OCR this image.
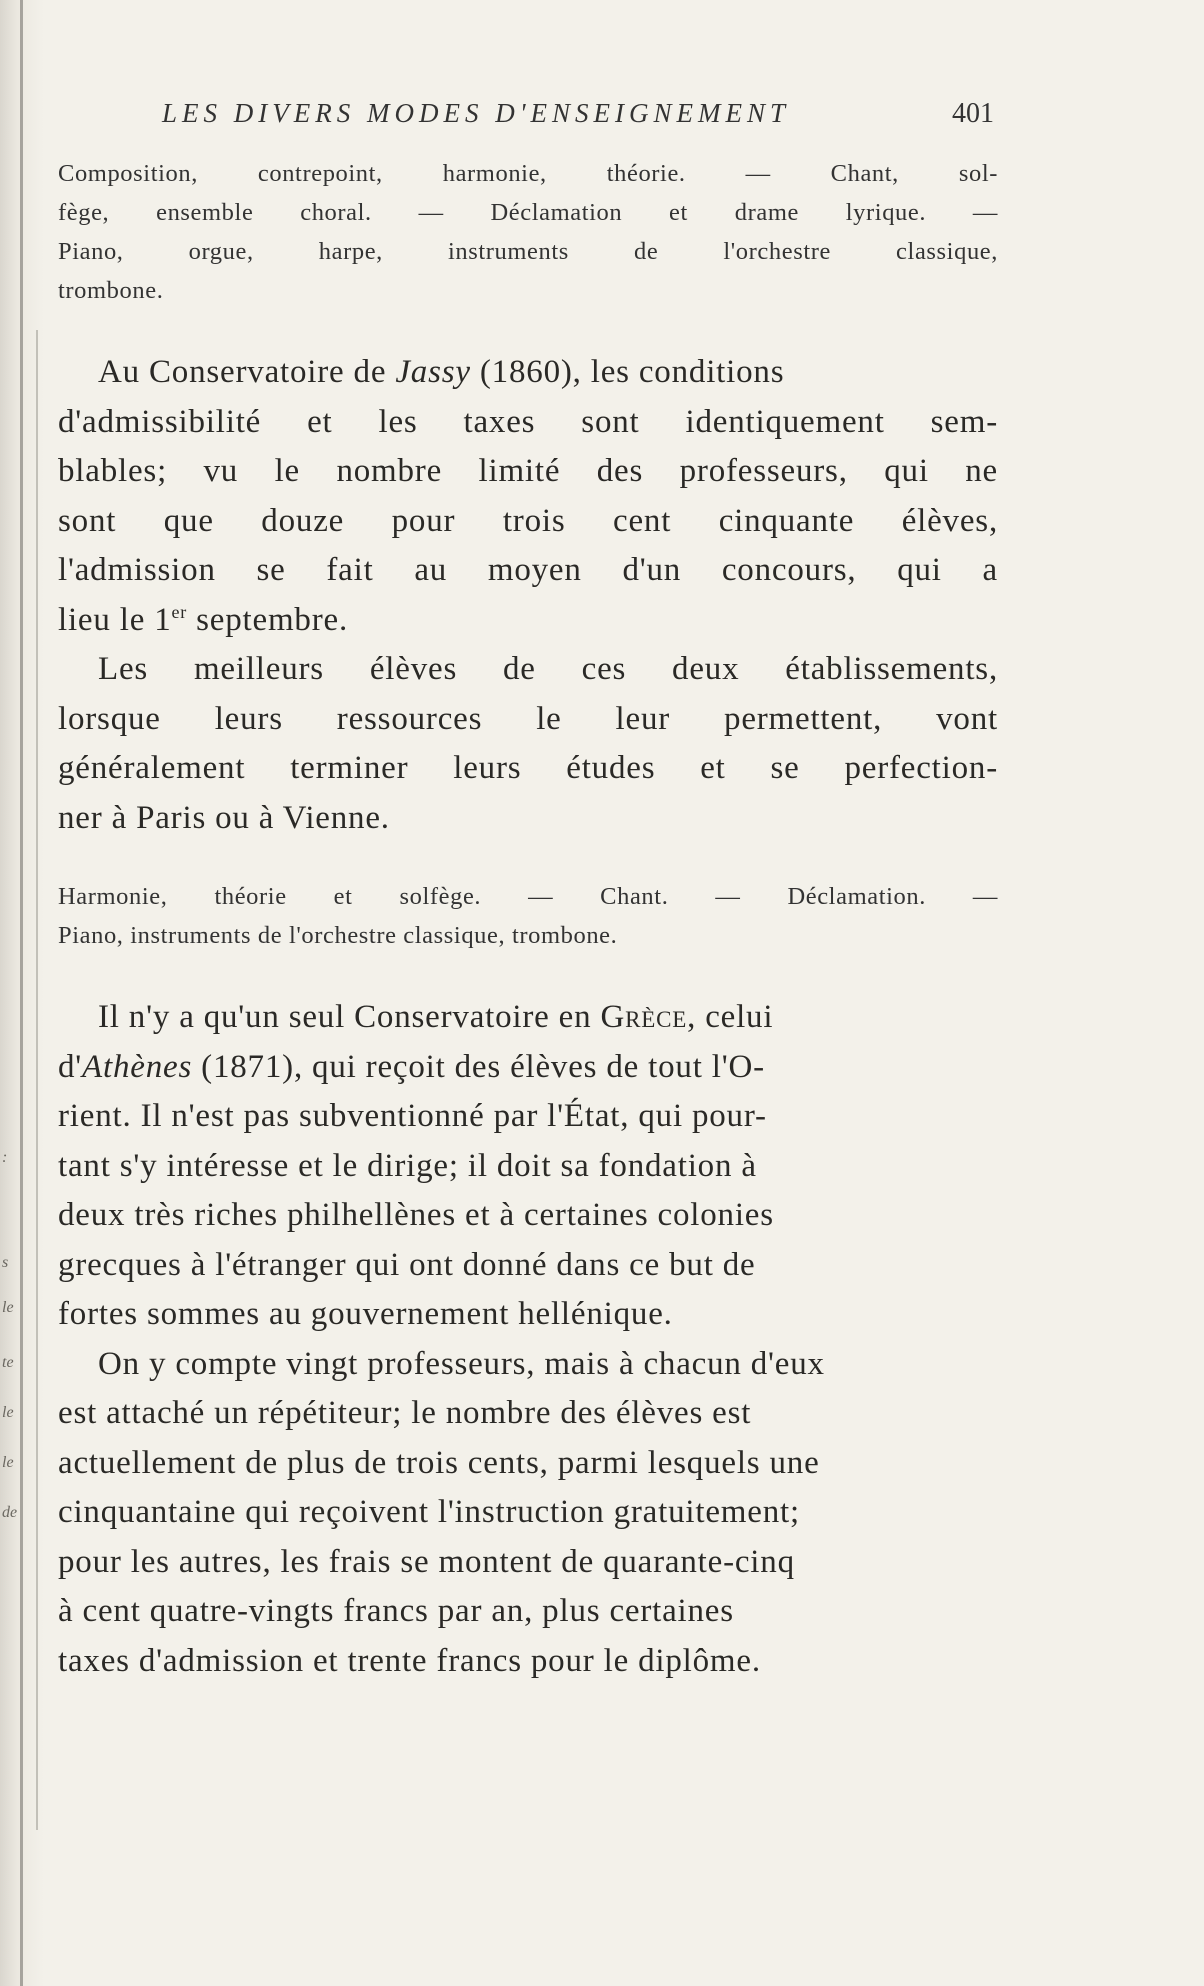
:
s
le
te
le
le
de
LES DIVERS MODES D'ENSEIGNEMENT	401
Composition, contrepoint, harmonie, théorie. — Chant, sol-
fège, ensemble choral. — Déclamation et drame lyrique. —
Piano, orgue, harpe, instruments de l'orchestre classique,
trombone.
Au Conservatoire de Jassy (1860), les conditions
d'admissibilité et les taxes sont identiquement sem-
blables; vu le nombre limité des professeurs, qui ne
sont que douze pour trois cent cinquante élèves,
l'admission se fait au moyen d'un concours, qui a
lieu le 1er septembre.
Les meilleurs élèves de ces deux établissements,
lorsque leurs ressources le leur permettent, vont
généralement terminer leurs études et se perfection-
ner à Paris ou à Vienne.
Harmonie, théorie et solfège. — Chant. — Déclamation. —
Piano, instruments de l'orchestre classique, trombone.
Il n'y a qu'un seul Conservatoire en Grèce, celui
d'Athènes (1871), qui reçoit des élèves de tout l'O-
rient. Il n'est pas subventionné par l'État, qui pour-
tant s'y intéresse et le dirige; il doit sa fondation à
deux très riches philhellènes et à certaines colonies
grecques à l'étranger qui ont donné dans ce but de
fortes sommes au gouvernement hellénique.
On y compte vingt professeurs, mais à chacun d'eux
est attaché un répétiteur; le nombre des élèves est
actuellement de plus de trois cents, parmi lesquels une
cinquantaine qui reçoivent l'instruction gratuitement;
pour les autres, les frais se montent de quarante-cinq
à cent quatre-vingts francs par an, plus certaines
taxes d'admission et trente francs pour le diplôme.
